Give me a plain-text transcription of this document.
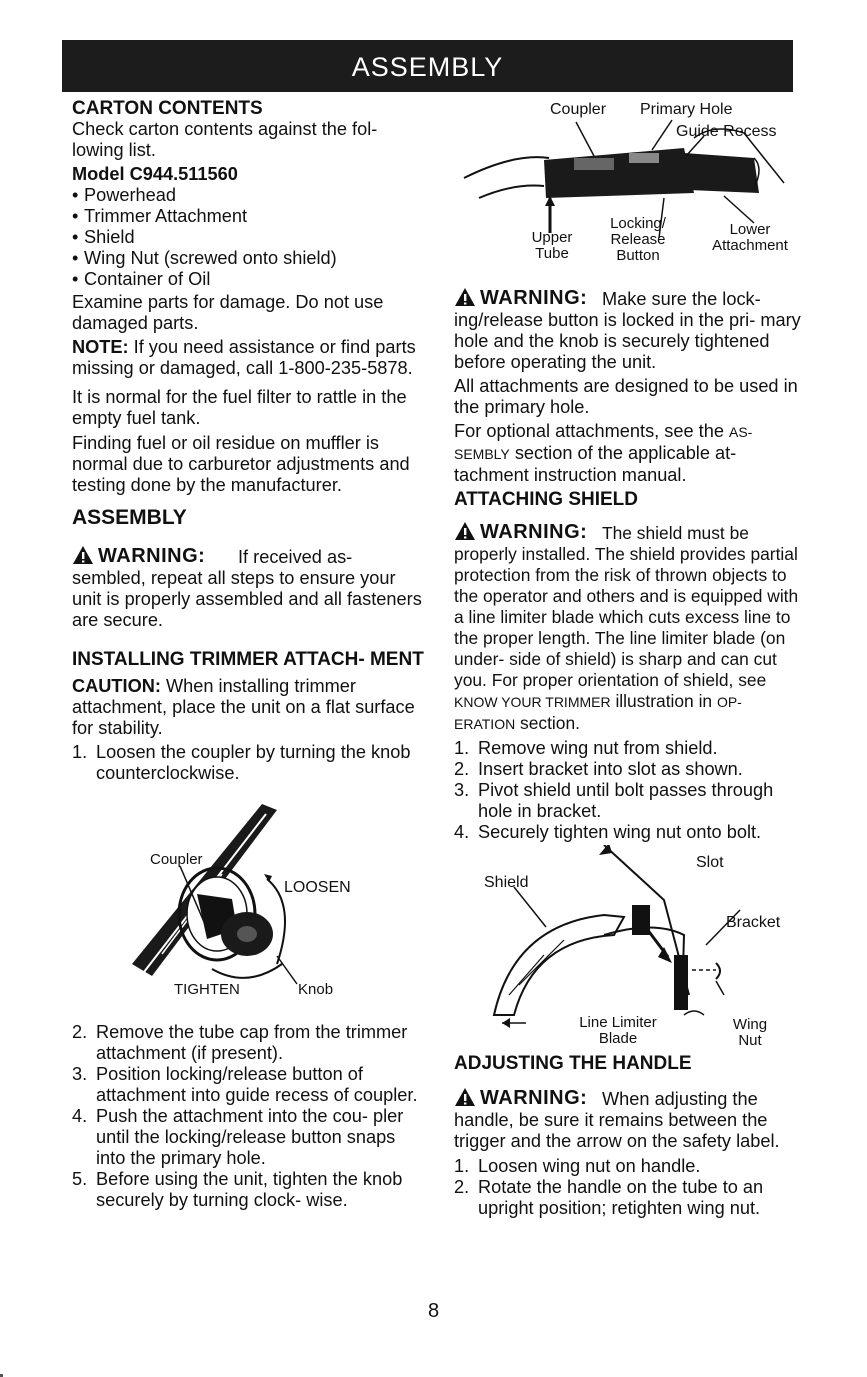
ASSEMBLY
CARTON CONTENTS

Check carton contents against the fol- lowing list.

Model C944.511560

• Powerhead
• Trimmer Attachment
• Shield
• Wing Nut (screwed onto shield)
• Container of Oil

Examine parts for damage. Do not use damaged parts.

NOTE: If you need assistance or find parts missing or damaged, call 1-800-235-5878.

It is normal for the fuel filter to rattle in the empty fuel tank.

Finding fuel or oil residue on muffler is normal due to carburetor adjustments and testing done by the manufacturer.

ASSEMBLY
WARNING:	If received as- sembled, repeat all steps to ensure your unit is properly assembled and all fasteners are secure.

INSTALLING TRIMMER ATTACH- MENT

CAUTION: When installing trimmer attachment, place the unit on a flat surface for stability.

1. Loosen the coupler by turning the knob counterclockwise.
Coupler
LOOSEN
TIGHTEN	Knob
2. Remove the tube cap from the trimmer attachment (if present).
3. Position locking/release button of attachment into guide recess of coupler.
4. Push the attachment into the cou- pler until the locking/release button snaps into the primary hole.
5. Before using the unit, tighten the knob securely by turning clock- wise.
Coupler Primary Hole
Guide Recess
Upper Tube
Locking/ Release Button
Lower Attachment
WARNING: Make sure the lock- ing/release button is locked in the pri- mary hole and the knob is securely tightened before operating the unit.

All attachments are designed to be used in the primary hole.

For optional attachments, see the AS- SEMBLY section of the applicable at- tachment instruction manual.

ATTACHING SHIELD
WARNING: The shield must be properly installed. The shield provides partial protection from the risk of thrown objects to the operator and others and is equipped with a line limiter blade which cuts excess line to the proper length. The line limiter blade (on under- side of shield) is sharp and can cut you. For proper orientation of shield, see KNOW YOUR TRIMMER illustration in OP- ERATION section.

1. Remove wing nut from shield.
2. Insert bracket into slot as shown.
3. Pivot shield until bolt passes through hole in bracket.
4. Securely tighten wing nut onto bolt.
Slot
Shield
Bracket
Line Limiter Blade
Wing Nut
ADJUSTING THE HANDLE
WARNING: When adjusting the handle, be sure it remains between the trigger and the arrow on the safety label.

1. Loosen wing nut on handle.
2. Rotate the handle on the tube to an upright position; retighten wing nut.
8
